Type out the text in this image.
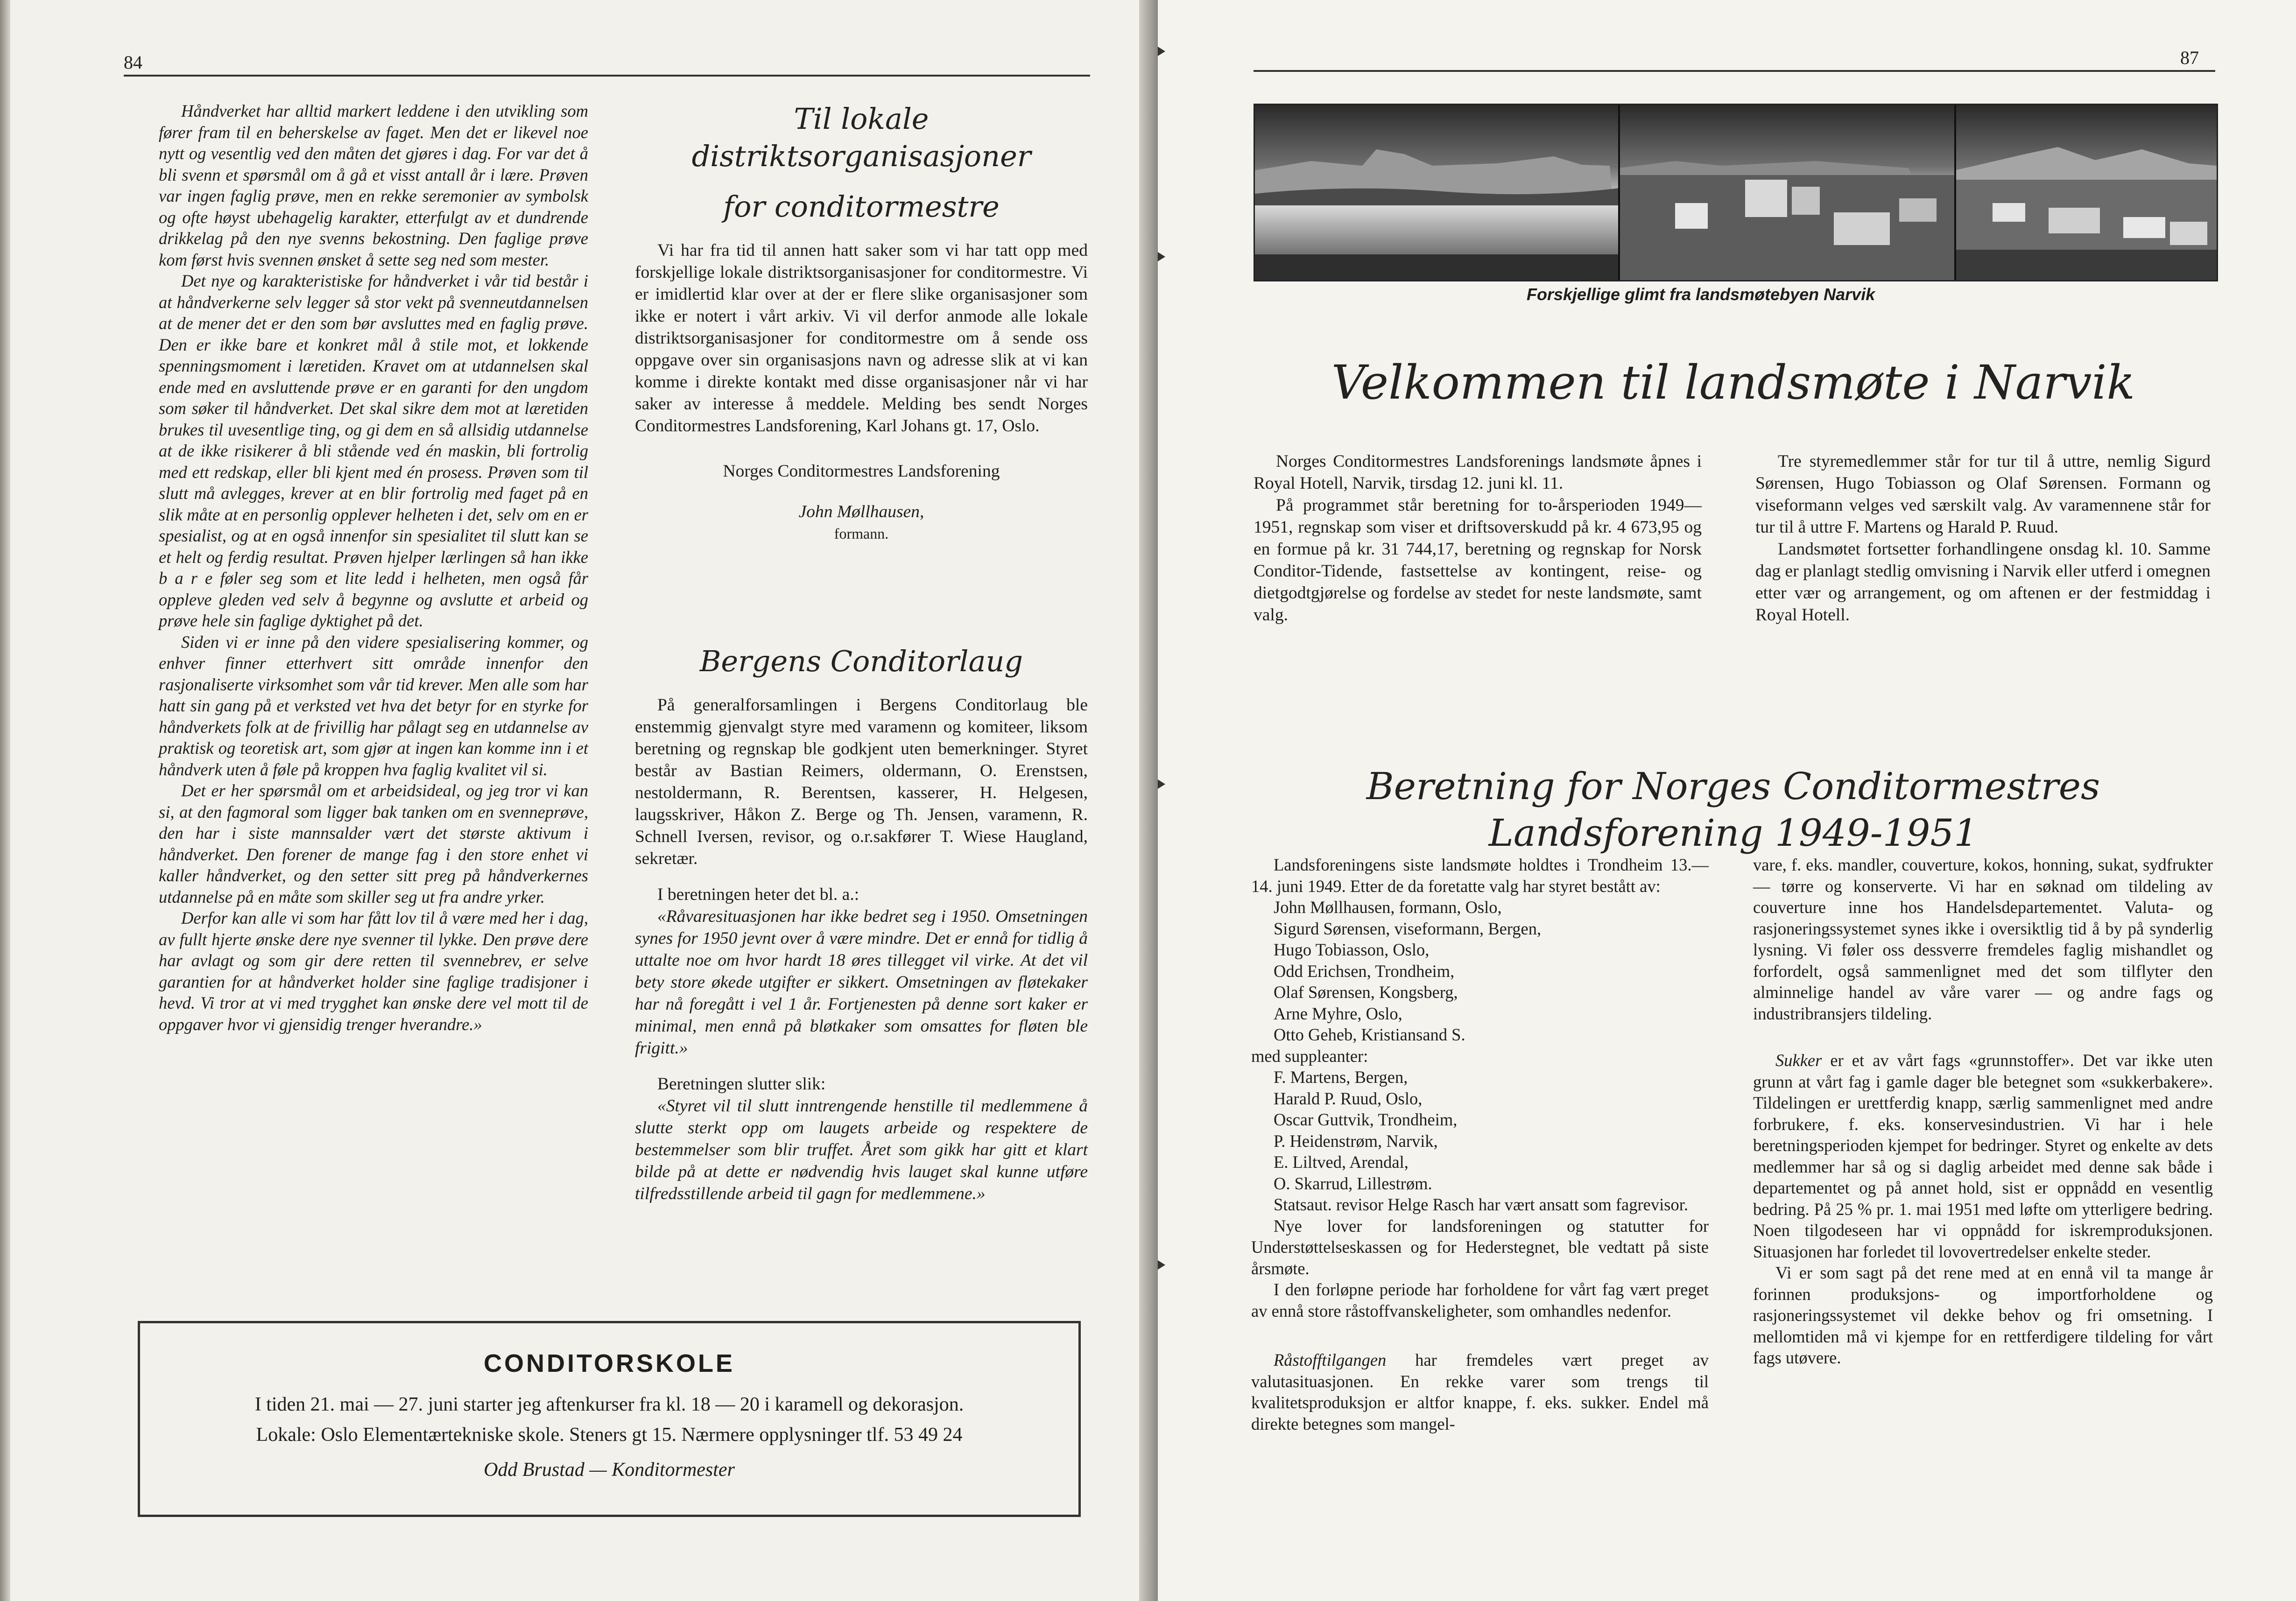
84

Håndverket har alltid markert leddene i den utvikling som fører fram til en beherskelse av faget. Men det er likevel noe nytt og vesentlig ved den måten det gjøres i dag. For var det å bli svenn et spørsmål om å gå et visst antall år i lære. Prøven var ingen faglig prøve, men en rekke seremonier av symbolsk og ofte høyst ubehagelig karakter, etterfulgt av et dundrende drikkelag på den nye svenns bekostning. Den faglige prøve kom først hvis svennen ønsket å sette seg ned som mester.

Det nye og karakteristiske for håndverket i vår tid består i at håndverkerne selv legger så stor vekt på svenneutdannelsen at de mener det er den som bør avsluttes med en faglig prøve. Den er ikke bare et konkret mål å stile mot, et lokkende spenningsmoment i læretiden. Kravet om at utdannelsen skal ende med en avsluttende prøve er en garanti for den ungdom som søker til håndverket. Det skal sikre dem mot at læretiden brukes til uvesentlige ting, og gi dem en så allsidig utdannelse at de ikke risikerer å bli stående ved én maskin, bli fortrolig med ett redskap, eller bli kjent med én prosess. Prøven som til slutt må avlegges, krever at en blir fortrolig med faget på en slik måte at en personlig opplever helheten i det, selv om en er spesialist, og at en også innenfor sin spesialitet til slutt kan se et helt og ferdig resultat. Prøven hjelper lærlingen så han ikke b a r e føler seg som et lite ledd i helheten, men også får oppleve gleden ved selv å begynne og avslutte et arbeid og prøve hele sin faglige dyktighet på det.

Siden vi er inne på den videre spesialisering kommer, og enhver finner etterhvert sitt område innenfor den rasjonaliserte virksomhet som vår tid krever. Men alle som har hatt sin gang på et verksted vet hva det betyr for en styrke for håndverkets folk at de frivillig har pålagt seg en utdannelse av praktisk og teoretisk art, som gjør at ingen kan komme inn i et håndverk uten å føle på kroppen hva faglig kvalitet vil si.

Det er her spørsmål om et arbeidsideal, og jeg tror vi kan si, at den fagmoral som ligger bak tanken om en svenneprøve, den har i siste mannsalder vært det største aktivum i håndverket. Den forener de mange fag i den store enhet vi kaller håndverket, og den setter sitt preg på håndverkernes utdannelse på en måte som skiller seg ut fra andre yrker.

Derfor kan alle vi som har fått lov til å være med her i dag, av fullt hjerte ønske dere nye svenner til lykke. Den prøve dere har avlagt og som gir dere retten til svennebrev, er selve garantien for at håndverket holder sine faglige tradisjoner i hevd. Vi tror at vi med trygghet kan ønske dere vel mott til de oppgaver hvor vi gjensidig trenger hverandre.»

Til lokale distriktsorganisasjoner
for conditormestre

Vi har fra tid til annen hatt saker som vi har tatt opp med forskjellige lokale distriktsorganisasjoner for conditormestre. Vi er imidlertid klar over at der er flere slike organisasjoner som ikke er notert i vårt arkiv. Vi vil derfor anmode alle lokale distriktsorganisasjoner for conditormestre om å sende oss oppgave over sin organisasjons navn og adresse slik at vi kan komme i direkte kontakt med disse organisasjoner når vi har saker av interesse å meddele. Melding bes sendt Norges Conditormestres Landsforening, Karl Johans gt. 17, Oslo.

Norges Conditormestres Landsforening

John Møllhausen,

formann.

Bergens Conditorlaug

På generalforsamlingen i Bergens Conditorlaug ble enstemmig gjenvalgt styre med varamenn og komiteer, liksom beretning og regnskap ble godkjent uten bemerkninger. Styret består av Bastian Reimers, oldermann, O. Erenstsen, nestoldermann, R. Berentsen, kasserer, H. Helgesen, laugsskriver, Håkon Z. Berge og Th. Jensen, varamenn, R. Schnell Iversen, revisor, og o.r.sakfører T. Wiese Haugland, sekretær.

I beretningen heter det bl. a.:

«Råvaresituasjonen har ikke bedret seg i 1950. Omsetningen synes for 1950 jevnt over å være mindre. Det er ennå for tidlig å uttalte noe om hvor hardt 18 øres tillegget vil virke. At det vil bety store økede utgifter er sikkert. Omsetningen av fløtekaker har nå foregått i vel 1 år. Fortjenesten på denne sort kaker er minimal, men ennå på bløtkaker som omsattes for fløten ble frigitt.»

Beretningen slutter slik:

«Styret vil til slutt inntrengende henstille til medlemmene å slutte sterkt opp om laugets arbeide og respektere de bestemmelser som blir truffet. Året som gikk har gitt et klart bilde på at dette er nødvendig hvis lauget skal kunne utføre tilfredsstillende arbeid til gagn for medlemmene.»

CONDITORSKOLE
I tiden 21. mai — 27. juni starter jeg aftenkurser fra kl. 18 — 20 i karamell og dekorasjon.
Lokale: Oslo Elementærtekniske skole. Steners gt 15. Nærmere opplysninger tlf. 53 49 24
Odd Brustad — Konditormester
87
Forskjellige glimt fra landsmøtebyen Narvik
Velkommen til landsmøte i Narvik

Norges Conditormestres Landsforenings landsmøte åpnes i Royal Hotell, Narvik, tirsdag 12. juni kl. 11.

På programmet står beretning for to-årsperioden 1949—1951, regnskap som viser et driftsoverskudd på kr. 4 673,95 og en formue på kr. 31 744,17, beretning og regnskap for Norsk Conditor-Tidende, fastsettelse av kontingent, reise- og dietgodtgjørelse og fordelse av stedet for neste landsmøte, samt valg.

Tre styremedlemmer står for tur til å uttre, nemlig Sigurd Sørensen, Hugo Tobiasson og Olaf Sørensen. Formann og viseformann velges ved særskilt valg. Av varamennene står for tur til å uttre F. Martens og Harald P. Ruud.

Landsmøtet fortsetter forhandlingene onsdag kl. 10. Samme dag er planlagt stedlig omvisning i Narvik eller utferd i omegnen etter vær og arrangement, og om aftenen er der festmiddag i Royal Hotell.

Beretning for Norges Conditormestres Landsforening 1949-1951

Landsforeningens siste landsmøte holdtes i Trondheim 13.—14. juni 1949. Etter de da foretatte valg har styret bestått av:

John Møllhausen, formann, Oslo,
Sigurd Sørensen, viseformann, Bergen,
Hugo Tobiasson, Oslo,
Odd Erichsen, Trondheim,
Olaf Sørensen, Kongsberg,
Arne Myhre, Oslo,
Otto Geheb, Kristiansand S.
med suppleanter:
F. Martens, Bergen,
Harald P. Ruud, Oslo,
Oscar Guttvik, Trondheim,
P. Heidenstrøm, Narvik,
E. Liltved, Arendal,
O. Skarrud, Lillestrøm.

Statsaut. revisor Helge Rasch har vært ansatt som fagrevisor.

Nye lover for landsforeningen og statutter for Understøttelseskassen og for Hederstegnet, ble vedtatt på siste årsmøte.

I den forløpne periode har forholdene for vårt fag vært preget av ennå store råstoffvanskeligheter, som omhandles nedenfor.

Råstofftilgangen har fremdeles vært preget av valutasituasjonen. En rekke varer som trengs til kvalitetsproduksjon er altfor knappe, f. eks. sukker. Endel må direkte betegnes som mangel-

vare, f. eks. mandler, couverture, kokos, honning, sukat, sydfrukter — tørre og konserverte. Vi har en søknad om tildeling av couverture inne hos Handelsdepartementet. Valuta- og rasjoneringssystemet synes ikke i oversiktlig tid å by på synderlig lysning. Vi føler oss dessverre fremdeles faglig mishandlet og forfordelt, også sammenlignet med det som tilflyter den alminnelige handel av våre varer — og andre fags og industribransjers tildeling.

Sukker er et av vårt fags «grunnstoffer». Det var ikke uten grunn at vårt fag i gamle dager ble betegnet som «sukkerbakere». Tildelingen er urettferdig knapp, særlig sammenlignet med andre forbrukere, f. eks. konservesindustrien. Vi har i hele beretningsperioden kjempet for bedringer. Styret og enkelte av dets medlemmer har så og si daglig arbeidet med denne sak både i departementet og på annet hold, sist er oppnådd en vesentlig bedring. På 25 % pr. 1. mai 1951 med løfte om ytterligere bedring. Noen tilgodeseen har vi oppnådd for iskremproduksjonen. Situasjonen har forledet til lovovertredelser enkelte steder.

Vi er som sagt på det rene med at en ennå vil ta mange år forinnen produksjons- og importforholdene og rasjoneringssystemet vil dekke behov og fri omsetning. I mellomtiden må vi kjempe for en rettferdigere tildeling for vårt fags utøvere.
